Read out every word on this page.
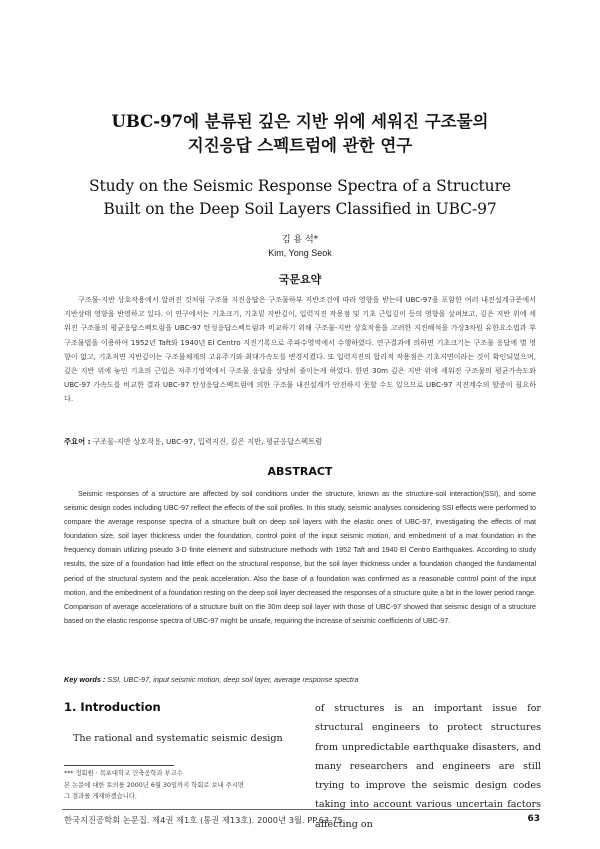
UBC-97에 분류된 깊은 지반 위에 세워진 구조물의
지진응답 스펙트럼에 관한 연구
Study on the Seismic Response Spectra of a Structure
Built on the Deep Soil Layers Classified in UBC-97
김 용 석*
Kim, Yong Seok
국문요약

구조물-지반 상호작용에서 알려진 것처럼 구조물 지진응답은 구조물하부 지반조건에 따라 영향을 받는데 UBC-97을 포함한 여러 내진설계규준에서 지반상태 영향을 반영하고 있다. 이 연구에서는 기초크기, 기초밑 지반깊이, 입력지진 작용점 및 기초 근입깊이 등의 영향을 살펴보고, 깊은 지반 위에 세워진 구조물의 평균응답스펙트럼을 UBC-97 탄성응답스펙트럼과 비교하기 위해 구조물-지반 상호작용을 고려한 지진해석을 가상3차원 유한요소법과 부구조물법을 이용하여 1952년 Taft와 1940년 El Centro 지진기록으로 주파수영역에서 수행하였다. 연구결과에 의하면 기초크기는 구조물 응답에 별 영향이 없고, 기초저면 지반깊이는 구조물체계의 고유주기와 최대가속도를 변경시켰다. 또 입력지진의 합리적 작용점은 기초저면이라는 것이 확인되었으며, 깊은 지반 위에 놓인 기초의 근입은 저주기영역에서 구조물 응답을 상당히 줄이는게 하였다. 한편 30m 깊은 지반 위에 세워진 구조물의 평균가속도와 UBC-97 가속도를 비교한 결과 UBC-97 탄성응답스펙트럼에 의한 구조물 내진설계가 안전하지 못할 수도 있으므로 UBC-97 지진계수의 할증이 필요하다.

주요어 : 구조물-지반 상호작용, UBC-97, 입력지진, 깊은 지반, 평균응답스펙트럼
ABSTRACT

Seismic responses of a structure are affected by soil conditions under the structure, known as the structure-soil interaction(SSI), and some seismic design codes including UBC-97 reflect the effects of the soil profiles. In this study, seismic analyses considering SSI effects were performed to compare the average response spectra of a structure built on deep soil layers with the elastic ones of UBC-97, investigating the effects of mat foundation size, soil layer thickness under the foundation, control point of the input seismic motion, and embedment of a mat foundation in the frequency domain utilizing pseudo 3-D finite element and substructure methods with 1952 Taft and 1940 El Centro Earthquakes. According to study results, the size of a foundation had little effect on the structural response, but the soil layer thickness under a foundation changed the fundamental period of the structural system and the peak acceleration. Also the base of a foundation was confirmed as a reasonable control point of the input motion, and the embedment of a foundation resting on the deep soil layer decreased the responses of a structure quite a bit in the lower period range. Comparison of average accelerations of a structure built on the 30m deep soil layer with those of UBC-97 showed that seismic design of a structure based on the elastic response spectra of UBC-97 might be unsafe, requiring the increase of seismic coefficients of UBC-97.

Key words : SSI, UBC-97, input seismic motion, deep soil layer, average response spectra
1. Introduction

The rational and systematic seismic design

*** 정회원 · 목포대학교 건축공학과 부교수
본 논문에 대한 토의를 2000년 6월 30일까지 학회로 보내 주시면
그 결과를 게재하겠습니다.

of structures is an important issue for structural engineers to protect structures from unpredictable earthquake disasters, and many researchers and engineers are still trying to improve the seismic design codes taking into account various uncertain factors affecting on

한국지진공학회 논문집. 제4권 제1호 (통권 제13호). 2000년 3월. PP.63-75.	63
